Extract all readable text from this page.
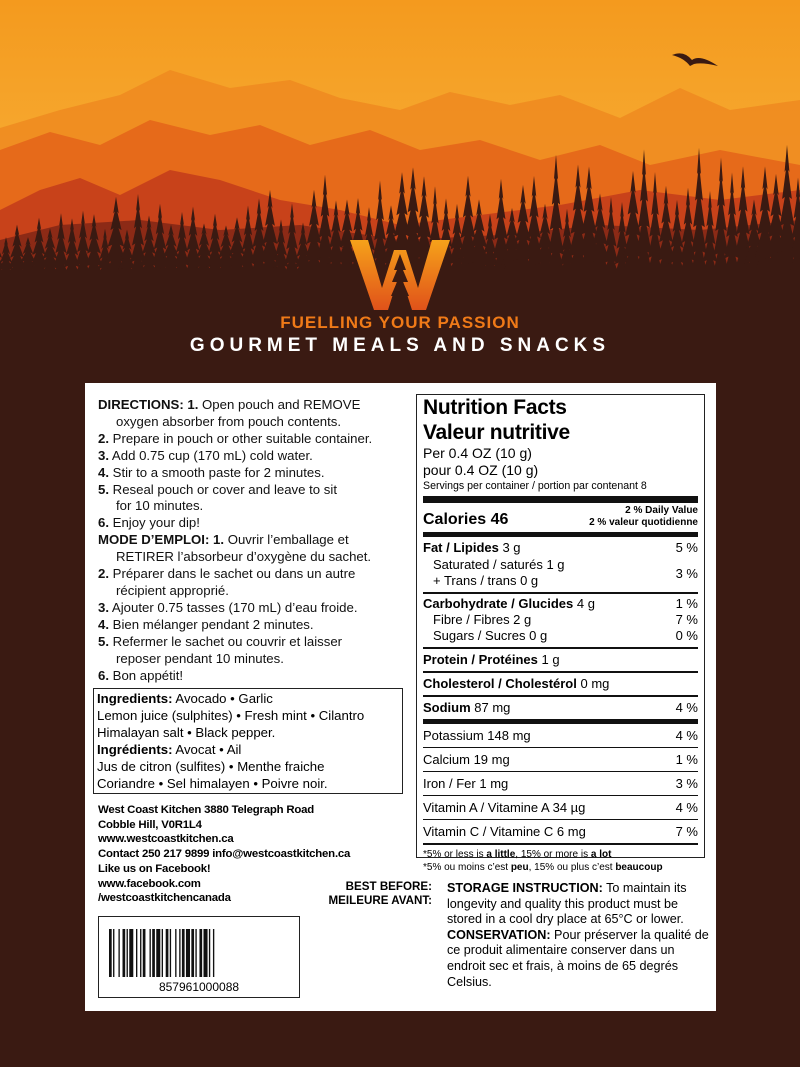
FUELLING YOUR PASSION
GOURMET MEALS AND SNACKS
DIRECTIONS: 1. Open pouch and REMOVE
oxygen absorber from pouch contents.
2. Prepare in pouch or other suitable container.
3. Add 0.75 cup (170 mL) cold water.
4. Stir to a smooth paste for 2 minutes.
5. Reseal pouch or cover and leave to sit
for 10 minutes.
6. Enjoy your dip!
MODE D’EMPLOI: 1. Ouvrir l’emballage et
RETIRER l’absorbeur d’oxygène du sachet.
2. Préparer dans le sachet ou dans un autre
récipient approprié.
3. Ajouter 0.75 tasses (170 mL) d’eau froide.
4. Bien mélanger pendant 2 minutes.
5. Refermer le sachet ou couvrir et laisser
reposer pendant 10 minutes.
6. Bon appétit!
Ingredients: Avocado • Garlic
Lemon juice (sulphites) • Fresh mint • Cilantro
Himalayan salt • Black pepper.
Ingrédients: Avocat • Ail
Jus de citron (sulfites) • Menthe fraiche
Coriandre • Sel himalayen • Poivre noir.
West Coast Kitchen 3880 Telegraph Road
Cobble Hill, V0R1L4
www.westcoastkitchen.ca
Contact 250 217 9899 info@westcoastkitchen.ca
Like us on Facebook!
www.facebook.com
/westcoastkitchencanada
BEST BEFORE:
MEILEURE AVANT:
857961000088
STORAGE INSTRUCTION: To maintain its longevity and quality this product must be stored in a cool dry place at 65°C or lower.
CONSERVATION: Pour préserver la qualité de ce produit alimentaire conserver dans un endroit sec et frais, à moins de 65 degrés Celsius.
Nutrition Facts
Valeur nutritive
Per 0.4 OZ (10 g)
pour 0.4 OZ (10 g)
Servings per container / portion par contenant 8
Calories 46
2 % Daily Value
2 % valeur quotidienne
Fat / Lipides 3 g	5 %
Saturated / saturés 1 g
+ Trans / trans 0 g	3 %
Carbohydrate / Glucides 4 g	1 %
Fibre / Fibres 2 g	7 %
Sugars / Sucres 0 g	0 %
Protein / Protéines 1 g
Cholesterol / Cholestérol 0 mg
Sodium 87 mg	4 %
Potassium 148 mg	4 %
Calcium 19 mg	1 %
Iron / Fer 1 mg	3 %
Vitamin A / Vitamine A 34 µg	4 %
Vitamin C / Vitamine C 6 mg	7 %
*5% or less is a little, 15% or more is a lot
*5% ou moins c’est peu, 15% ou plus c’est beaucoup
